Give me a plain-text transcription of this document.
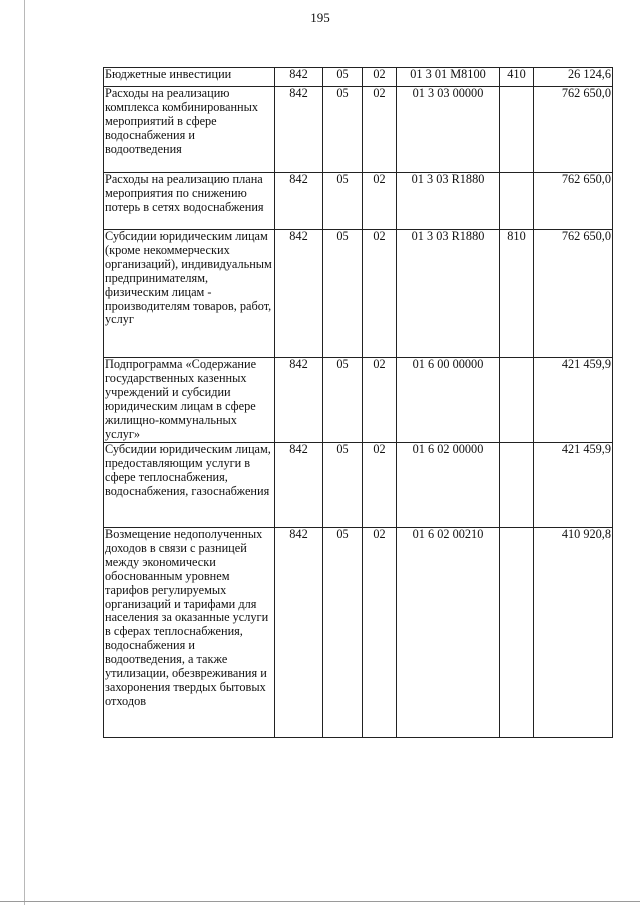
195
Бюджетные инвестиции	842	05	02	01 3 01 M8100	410	26 124,6
Расходы на реализацию комплекса комбинированных мероприятий в сфере водоснабжения и водоотведения	842	05	02	01 3 03 00000		762 650,0
Расходы на реализацию плана мероприятия по снижению потерь в сетях водоснабжения	842	05	02	01 3 03 R1880		762 650,0
Субсидии юридическим лицам (кроме некоммерческих организаций), индивидуальным предпринимателям, физическим лицам - производителям товаров, работ, услуг	842	05	02	01 3 03 R1880	810	762 650,0
Подпрограмма «Содержание государственных казенных учреждений и субсидии юридическим лицам в сфере жилищно-коммунальных услуг»	842	05	02	01 6 00 00000		421 459,9
Субсидии юридическим лицам, предоставляющим услуги в сфере теплоснабжения, водоснабжения, газоснабжения	842	05	02	01 6 02 00000		421 459,9
Возмещение недополученных доходов в связи с разницей между экономически обоснованным уровнем тарифов регулируемых организаций и тарифами для населения за оказанные услуги в сферах теплоснабжения, водоснабжения и водоотведения, а также утилизации, обезвреживания и захоронения твердых бытовых отходов	842	05	02	01 6 02 00210		410 920,8
